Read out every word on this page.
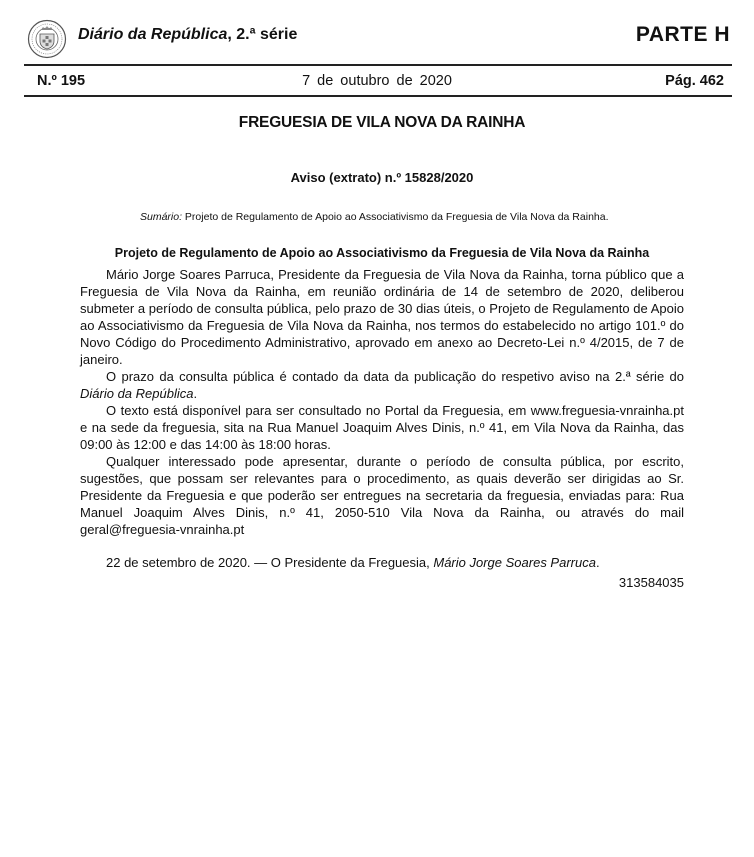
Diário da República, 2.ª série	PARTE H
N.º 195	7 de outubro de 2020	Pág. 462
FREGUESIA DE VILA NOVA DA RAINHA
Aviso (extrato) n.º 15828/2020
Sumário: Projeto de Regulamento de Apoio ao Associativismo da Freguesia de Vila Nova da Rainha.
Projeto de Regulamento de Apoio ao Associativismo da Freguesia de Vila Nova da Rainha

Mário Jorge Soares Parruca, Presidente da Freguesia de Vila Nova da Rainha, torna público que a Freguesia de Vila Nova da Rainha, em reunião ordinária de 14 de setembro de 2020, deliberou submeter a período de consulta pública, pelo prazo de 30 dias úteis, o Projeto de Regulamento de Apoio ao Associativismo da Freguesia de Vila Nova da Rainha, nos termos do estabelecido no artigo 101.º do Novo Código do Procedimento Administrativo, aprovado em anexo ao Decreto-Lei n.º 4/2015, de 7 de janeiro.

O prazo da consulta pública é contado da data da publicação do respetivo aviso na 2.ª série do Diário da República.

O texto está disponível para ser consultado no Portal da Freguesia, em www.freguesia-vnrainha.pt e na sede da freguesia, sita na Rua Manuel Joaquim Alves Dinis, n.º 41, em Vila Nova da Rainha, das 09:00 às 12:00 e das 14:00 às 18:00 horas.

Qualquer interessado pode apresentar, durante o período de consulta pública, por escrito, sugestões, que possam ser relevantes para o procedimento, as quais deverão ser dirigidas ao Sr. Presidente da Freguesia e que poderão ser entregues na secretaria da freguesia, enviadas para: Rua Manuel Joaquim Alves Dinis, n.º 41, 2050-510 Vila Nova da Rainha, ou através do mail geral@freguesia-vnrainha.pt

22 de setembro de 2020. — O Presidente da Freguesia, Mário Jorge Soares Parruca.

313584035
